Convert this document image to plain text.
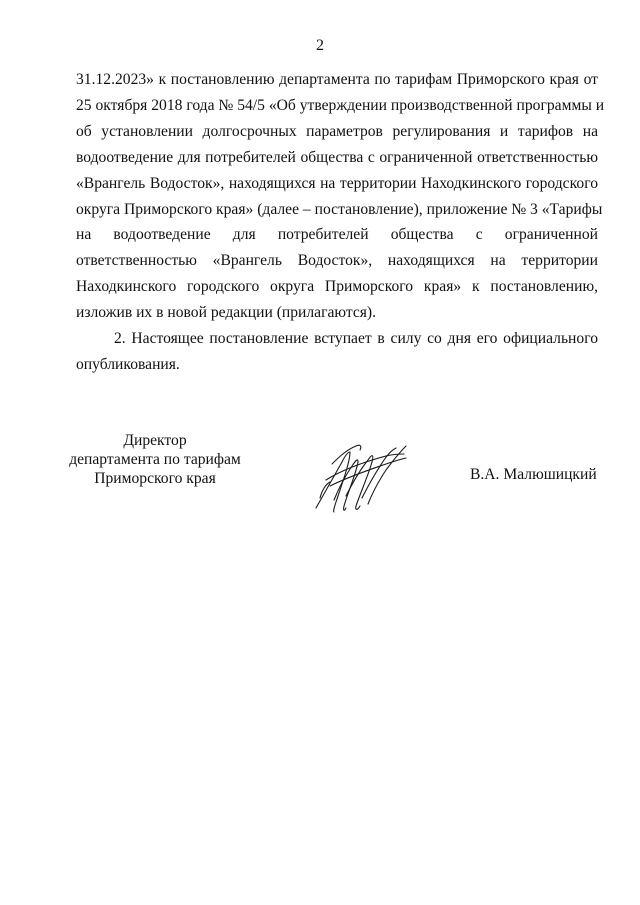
2
31.12.2023» к постановлению департамента по тарифам Приморского края от
25 октября 2018 года № 54/5 «Об утверждении производственной программы и
об установлении долгосрочных параметров регулирования и тарифов на
водоотведение для потребителей общества с ограниченной ответственностью
«Врангель Водосток», находящихся на территории Находкинского городского
округа Приморского края» (далее – постановление), приложение № 3 «Тарифы
на водоотведение для потребителей общества с ограниченной
ответственностью «Врангель Водосток», находящихся на территории
Находкинского городского округа Приморского края» к постановлению,
изложив их в новой редакции (прилагаются).
2. Настоящее постановление вступает в силу со дня его официального
опубликования.
Директор
департамента по тарифам
Приморского края	В.А. Малюшицкий
